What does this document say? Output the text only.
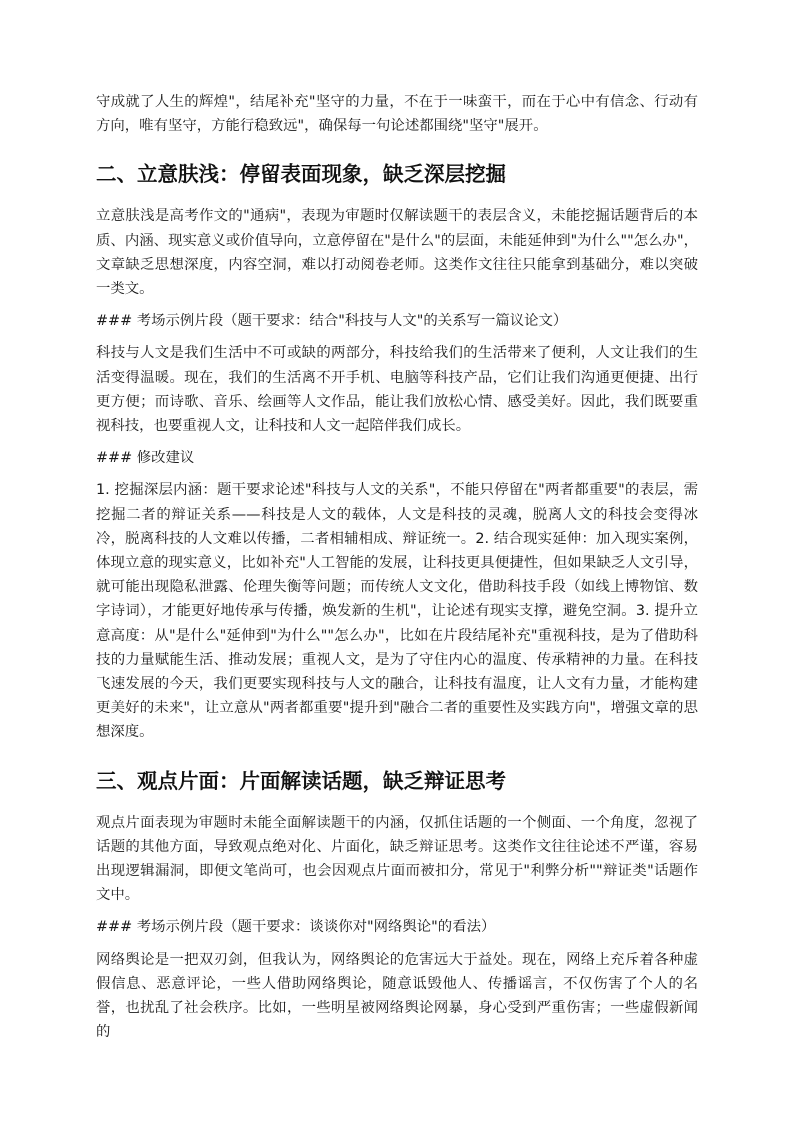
守成就了人生的辉煌"，结尾补充"坚守的力量，不在于一味蛮干，而在于心中有信念、行动有方向，唯有坚守，方能行稳致远"，确保每一句论述都围绕"坚守"展开。

二、立意肤浅：停留表面现象，缺乏深层挖掘

立意肤浅是高考作文的"通病"，表现为审题时仅解读题干的表层含义，未能挖掘话题背后的本质、内涵、现实意义或价值导向，立意停留在"是什么"的层面，未能延伸到"为什么""怎么办"，文章缺乏思想深度，内容空洞，难以打动阅卷老师。这类作文往往只能拿到基础分，难以突破一类文。

### 考场示例片段（题干要求：结合"科技与人文"的关系写一篇议论文）

科技与人文是我们生活中不可或缺的两部分，科技给我们的生活带来了便利，人文让我们的生活变得温暖。现在，我们的生活离不开手机、电脑等科技产品，它们让我们沟通更便捷、出行更方便；而诗歌、音乐、绘画等人文作品，能让我们放松心情、感受美好。因此，我们既要重视科技，也要重视人文，让科技和人文一起陪伴我们成长。

### 修改建议

1. 挖掘深层内涵：题干要求论述"科技与人文的关系"，不能只停留在"两者都重要"的表层，需挖掘二者的辩证关系——科技是人文的载体，人文是科技的灵魂，脱离人文的科技会变得冰冷，脱离科技的人文难以传播，二者相辅相成、辩证统一。2. 结合现实延伸：加入现实案例，体现立意的现实意义，比如补充"人工智能的发展，让科技更具便捷性，但如果缺乏人文引导，就可能出现隐私泄露、伦理失衡等问题；而传统人文文化，借助科技手段（如线上博物馆、数字诗词），才能更好地传承与传播，焕发新的生机"，让论述有现实支撑，避免空洞。3. 提升立意高度：从"是什么"延伸到"为什么""怎么办"，比如在片段结尾补充"重视科技，是为了借助科技的力量赋能生活、推动发展；重视人文，是为了守住内心的温度、传承精神的力量。在科技飞速发展的今天，我们更要实现科技与人文的融合，让科技有温度，让人文有力量，才能构建更美好的未来"，让立意从"两者都重要"提升到"融合二者的重要性及实践方向"，增强文章的思想深度。

三、观点片面：片面解读话题，缺乏辩证思考

观点片面表现为审题时未能全面解读题干的内涵，仅抓住话题的一个侧面、一个角度，忽视了话题的其他方面，导致观点绝对化、片面化，缺乏辩证思考。这类作文往往论述不严谨，容易出现逻辑漏洞，即便文笔尚可，也会因观点片面而被扣分，常见于"利弊分析""辩证类"话题作文中。

### 考场示例片段（题干要求：谈谈你对"网络舆论"的看法）

网络舆论是一把双刃剑，但我认为，网络舆论的危害远大于益处。现在，网络上充斥着各种虚假信息、恶意评论，一些人借助网络舆论，随意诋毁他人、传播谣言，不仅伤害了个人的名誉，也扰乱了社会秩序。比如，一些明星被网络舆论网暴，身心受到严重伤害；一些虚假新闻的
